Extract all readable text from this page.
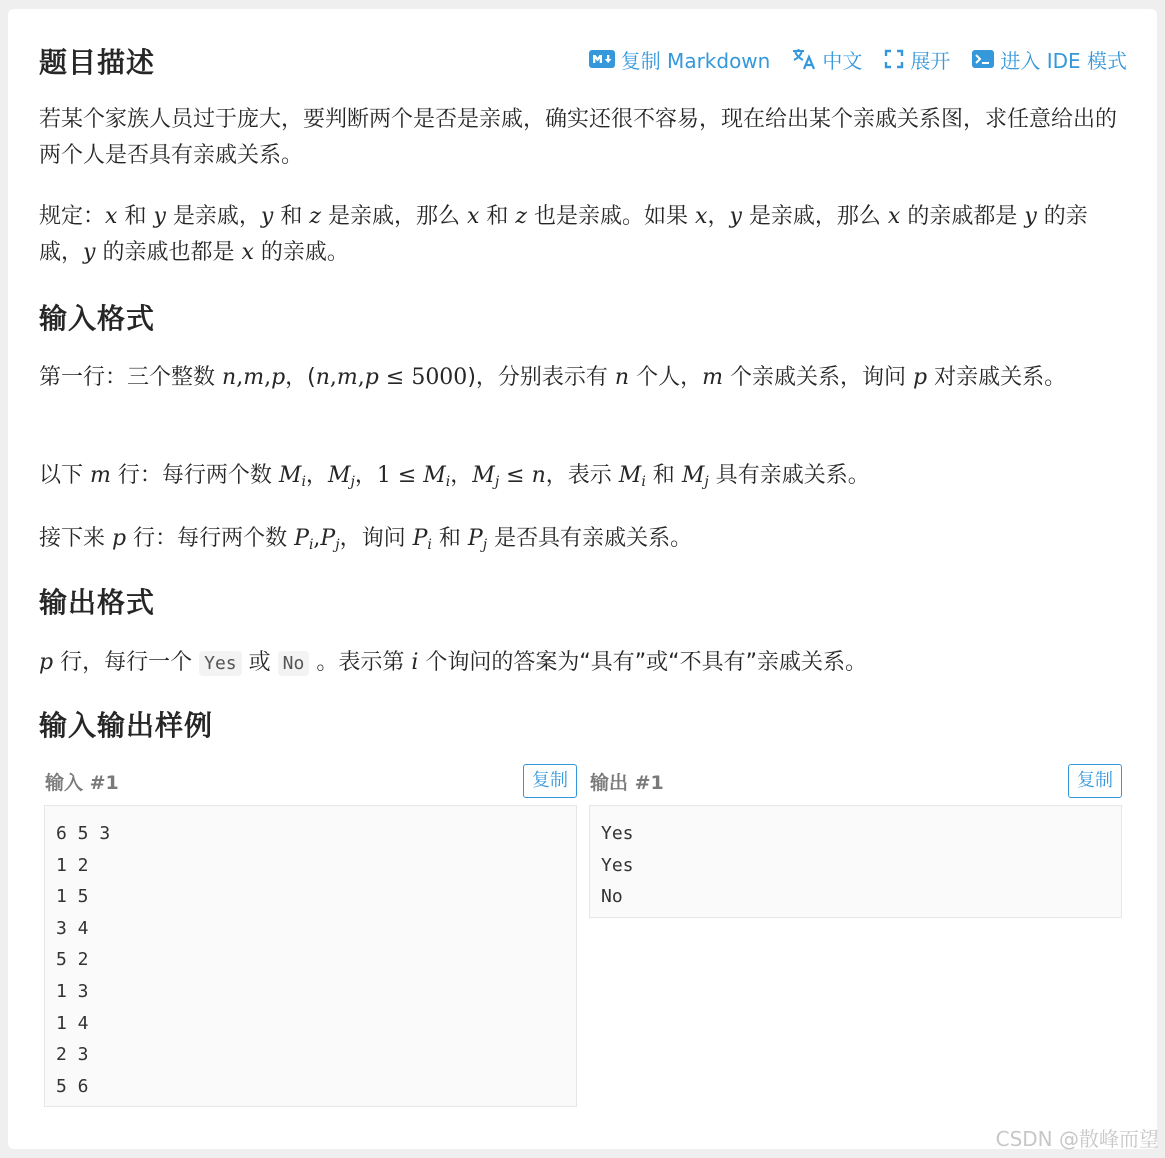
题目描述	复制 Markdown	中文 展开	进入 IDE 模式

若某个家族人员过于庞大，要判断两个是否是亲戚，确实还很不容易，现在给出某个亲戚关系图，求任意给出的两个人是否具有亲戚关系。

规定：x 和 y 是亲戚，y 和 z 是亲戚，那么 x 和 z 也是亲戚。如果 x，y 是亲戚，那么 x 的亲戚都是 y 的亲戚，y 的亲戚也都是 x 的亲戚。

输入格式

第一行：三个整数 n,m,p，(n,m,p ≤ 5000)，分别表示有 n 个人，m 个亲戚关系，询问 p 对亲戚关系。

以下 m 行：每行两个数 $M_i$，$M_j$，$1 \le M_i$，$M_j \le n$，表示 $M_i$ 和 $M_j$ 具有亲戚关系。

接下来 p 行：每行两个数 $P_i,P_j$，询问 $P_i$ 和 $P_j$ 是否具有亲戚关系。

输出格式

p 行，每行一个 Yes 或 No 。表示第 i 个询问的答案为“具有”或“不具有”亲戚关系。

输入输出样例
输入 #1	复制
6 5 3
1 2
1 5
3 4
5 2
1 3
1 4
2 3
5 6
输出 #1	复制
Yes
Yes
No
CSDN @散峰而望
